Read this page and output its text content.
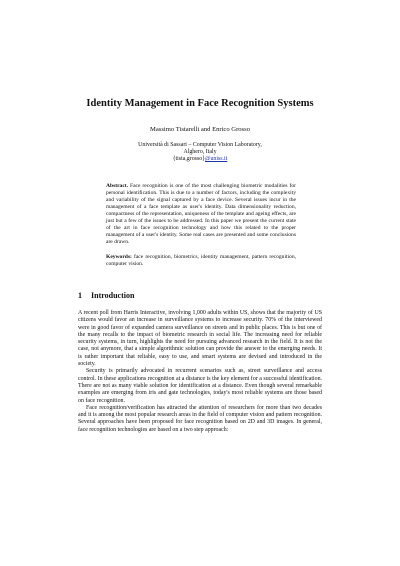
Identity Management in Face Recognition Systems
Massimo Tistarelli and Enrico Grosso
Università di Sassari – Computer Vision Laboratory,
Alghero, Italy
{tista,grosso}@uniss.it
Abstract. Face recognition is one of the most challenging biometric modalities for personal identification. This is due to a number of factors, including the complexity and variability of the signal captured by a face device. Several issues incur in the management of a face template as user's identity. Data dimensionality reduction, compactness of the representation, uniqueness of the template and ageing effects, are just but a few of the issues to be addressed. In this paper we present the current state of the art in face recognition technology and how this related to the proper management of a user's identity. Some real cases are presented and some conclusions are drawn.
Keywords: face recognition, biometrics, identity management, pattern recognition, computer vision.
1 Introduction

A recent poll from Harris Interactive, involving 1,000 adults within US, shows that the majority of US citizens would favor an increase in surveillance systems to increase security. 70% of the interviewed were in good favor of expanded camera surveillance on streets and in public places. This is but one of the many recalls to the impact of biometric research in social life. The increasing need for reliable security systems, in turn, highlights the need for pursuing advanced research in the field. It is not the case, not anymore, that a simple algorithmic solution can provide the answer to the emerging needs. It is rather important that reliable, easy to use, and smart systems are devised and introduced in the society.

Security is primarily advocated in recurrent scenarios such as, street surveillance and access control. In these applications recognition at a distance is the key element for a successful identification. There are not as many viable solution for identification at a distance. Even though several remarkable examples are emerging from iris and gate technologies, today's most reliable systems are those based on face recognition.

Face recognition/verification has attracted the attention of researchers for more than two decades and it is among the most popular research areas in the field of computer vision and pattern recognition. Several approaches have been proposed for face recognition based on 2D and 3D images. In general, face recognition technologies are based on a two step approach:
